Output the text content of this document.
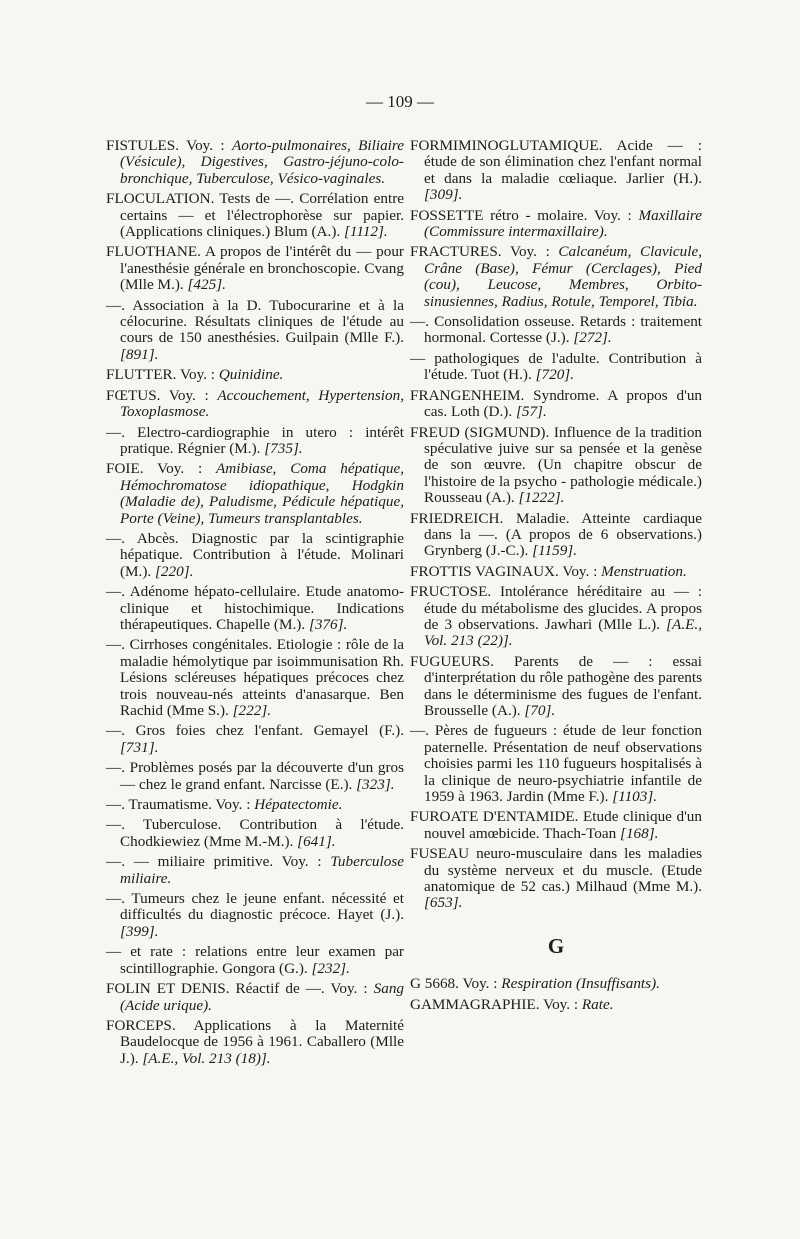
— 109 —

FISTULES. Voy. : Aorto-pulmonaires, Biliaire (Vésicule), Digestives, Gastro-jéjuno-colo-bronchique, Tuberculose, Vésico-vaginales.

FLOCULATION. Tests de —. Corrélation entre certains — et l'électrophorèse sur papier. (Applications cliniques.) Blum (A.). [1112].

FLUOTHANE. A propos de l'intérêt du — pour l'anesthésie générale en bronchoscopie. Cvang (Mlle M.). [425].

—. Association à la D. Tubocurarine et à la célocurine. Résultats cliniques de l'étude au cours de 150 anesthésies. Guilpain (Mlle F.). [891].

FLUTTER. Voy. : Quinidine.

FŒTUS. Voy. : Accouchement, Hypertension, Toxoplasmose.

—. Electro-cardiographie in utero : intérêt pratique. Régnier (M.). [735].

FOIE. Voy. : Amibiase, Coma hépatique, Hémochromatose idiopathique, Hodgkin (Maladie de), Paludisme, Pédicule hépatique, Porte (Veine), Tumeurs transplantables.

—. Abcès. Diagnostic par la scintigraphie hépatique. Contribution à l'étude. Molinari (M.). [220].

—. Adénome hépato-cellulaire. Etude anatomo-clinique et histochimique. Indications thérapeutiques. Chapelle (M.). [376].

—. Cirrhoses congénitales. Etiologie : rôle de la maladie hémolytique par isoimmunisation Rh. Lésions scléreuses hépatiques précoces chez trois nouveau-nés atteints d'anasarque. Ben Rachid (Mme S.). [222].

—. Gros foies chez l'enfant. Gemayel (F.). [731].

—. Problèmes posés par la découverte d'un gros — chez le grand enfant. Narcisse (E.). [323].

—. Traumatisme. Voy. : Hépatectomie.

—. Tuberculose. Contribution à l'étude. Chodkiewiez (Mme M.-M.). [641].

—. — miliaire primitive. Voy. : Tuberculose miliaire.

—. Tumeurs chez le jeune enfant. nécessité et difficultés du diagnostic précoce. Hayet (J.). [399].

— et rate : relations entre leur examen par scintillographie. Gongora (G.). [232].

FOLIN ET DENIS. Réactif de —. Voy. : Sang (Acide urique).

FORCEPS. Applications à la Maternité Baudelocque de 1956 à 1961. Caballero (Mlle J.). [A.E., Vol. 213 (18)].

FORMIMINOGLUTAMIQUE. Acide — : étude de son élimination chez l'enfant normal et dans la maladie cœliaque. Jarlier (H.). [309].

FOSSETTE rétro - molaire. Voy. : Maxillaire (Commissure intermaxillaire).

FRACTURES. Voy. : Calcanéum, Clavicule, Crâne (Base), Fémur (Cerclages), Pied (cou), Leucose, Membres, Orbito-sinusiennes, Radius, Rotule, Temporel, Tibia.

—. Consolidation osseuse. Retards : traitement hormonal. Cortesse (J.). [272].

— pathologiques de l'adulte. Contribution à l'étude. Tuot (H.). [720].

FRANGENHEIM. Syndrome. A propos d'un cas. Loth (D.). [57].

FREUD (SIGMUND). Influence de la tradition spéculative juive sur sa pensée et la genèse de son œuvre. (Un chapitre obscur de l'histoire de la psycho - pathologie médicale.) Rousseau (A.). [1222].

FRIEDREICH. Maladie. Atteinte cardiaque dans la —. (A propos de 6 observations.) Grynberg (J.-C.). [1159].

FROTTIS VAGINAUX. Voy. : Menstruation.

FRUCTOSE. Intolérance héréditaire au — : étude du métabolisme des glucides. A propos de 3 observations. Jawhari (Mlle L.). [A.E., Vol. 213 (22)].

FUGUEURS. Parents de — : essai d'interprétation du rôle pathogène des parents dans le déterminisme des fugues de l'enfant. Brousselle (A.). [70].

—. Pères de fugueurs : étude de leur fonction paternelle. Présentation de neuf observations choisies parmi les 110 fugueurs hospitalisés à la clinique de neuro-psychiatrie infantile de 1959 à 1963. Jardin (Mme F.). [1103].

FUROATE D'ENTAMIDE. Etude clinique d'un nouvel amœbicide. Thach-Toan [168].

FUSEAU neuro-musculaire dans les maladies du système nerveux et du muscle. (Etude anatomique de 52 cas.) Milhaud (Mme M.). [653].

G

G 5668. Voy. : Respiration (Insuffisants).

GAMMAGRAPHIE. Voy. : Rate.
